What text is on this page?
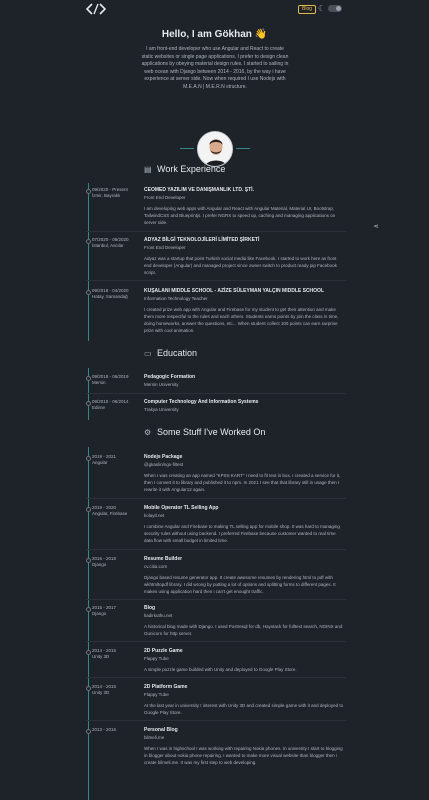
Blog ☾
Hello, I am Gökhan 👋
I am front-end developer who use Angular and React to create static websites or single page applications. I prefer to design clean applications by obeying material design rules. I started to sailing in web ocean with Django between 2014 - 2016, by the way i have experience at server side. Now when required I use Nodejs with M.E.A.N | M.E.R.N structure.
⋖
▤ Work Experience
09/2020 - Present
İzmir, Bayraklı
CEOMED YAZILIM VE DANIŞMANLIK LTD. ŞTİ.
Front End Developer
I am developing web apps with Angular and React with Angular Material, Material UI, Bootstrap, TailwindCSS and Blueprintjs. I prefer NGRX to speed up, caching and managing applications on server side.
07/2020 - 09/2020
İstanbul, Avcılar
ADYAZ BİLGİ TEKNOLOJİLERİ LİMİTED ŞİRKETİ
Front End Developer
Adyaz was a startup that point Turkish social media like Facebook. I started to work here as front end developer (Angular) and managed project since owner switch to product ready pip Facebook script.
09/2018 - 04/2020
Hatay, Samandağ
KUŞALANI MIDDLE SCHOOL - AZİZE SÜLEYMAN YALÇIN MIDDLE SCHOOL
Information Technology Teacher
I created prize web app with Angular and Firebase for my student to get their attention and make them more respectful to the rules and each others. Students earns points by join the class in time, doing homeworks, answer the questions, etc... When student collect 100 points can earn surprise prize with cool animation.
▭ Education
09/2018 - 06/2019
Mersin
Pedagogic Formation
Mersin University
09/2010 - 06/2014
Edirne
Computer Technology And Information Systems
Trakya University
⚙ Some Stuff I've Worked On
2019 - 2021
Angular
Nodejs Package
@gkaslin/ngx-filtest
When I was creating an app named "KPSS KART" I need to fit text in box. I created a service for it, then I convert it to library and published it to npm. In 2021 I see that that library still in usage then I rewrite it with Angular12 again.
2019 - 2020
Angular, Firebase
Mobile Operator TL Selling App
kolaytl.net
I combine Angular and Firebase to making TL selling app for mobile shop. It was hard to managing security rules without using backend. I preferred Firebase because customer wanted to real time data flow with small budget in limited time.
2016 - 2018
Django
Resume Builder
cv.citia.com
Django based resume generator app. It create awesome resumes by rendering html to pdf with wkhtmltopdf library. I did wrong by putting a lot of options and splitting forms to different pages. It makes using application hard then i can't get enought traffic.
2015 - 2017
Django
Blog
kadirkuthu.net
A historical blog made with Django. I used Postresql for db, Haystack for fulltext search, NGINX and Gunicorn for http server.
2014 - 2015
Unity 3D
2D Puzzle Game
Flappy Tube
A simple puzzle game builded with Unity and deployed to Google Play Store.
2014 - 2015
Unity 3D
2D Platform Game
Flappy Tube
At the last year in university I interest with Unity 3D and created simple game with it and deployed to Google Play Store.
2013 - 2016	Personal Blog
bilmeli.me
When I was in highschool I was working with repairing Nokia phones. In university I start to blogging in blogger about nokia phone repairing. I wanted to make more visual website than blogger then i create bilmeli.me. It was my first step to web developing.
